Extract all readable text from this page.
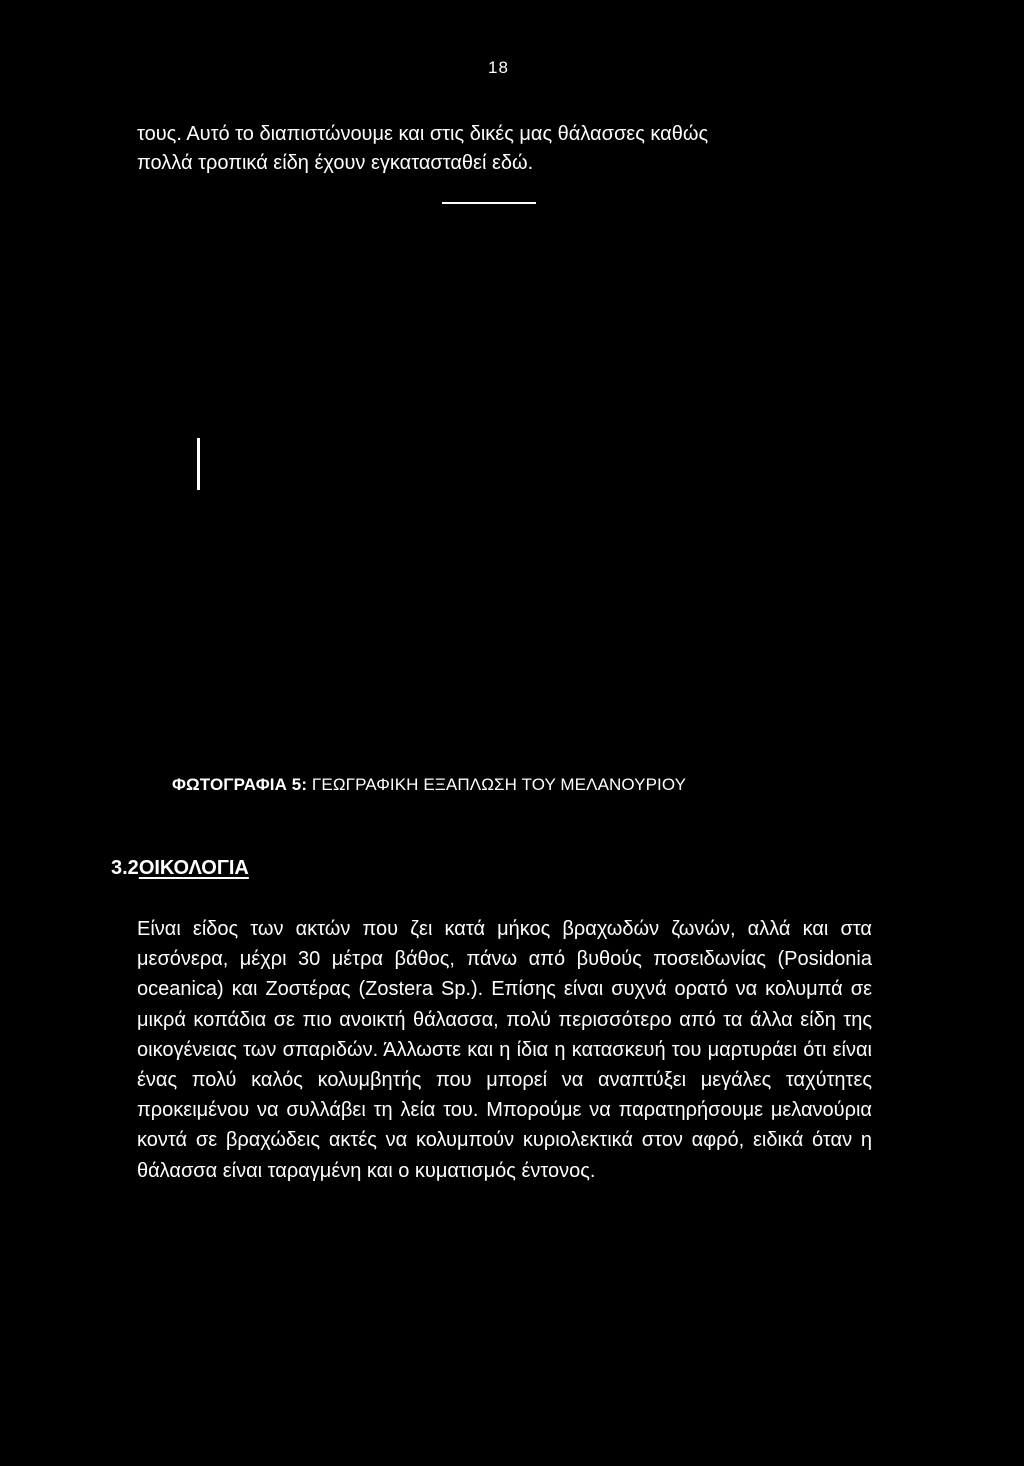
18

τους. Αυτό το διαπιστώνουμε και στις δικές μας θάλασσες καθώς

πολλά τροπικά είδη έχουν εγκατασταθεί εδώ.

ΦΩΤΟΓΡΑΦΙΑ 5: ΓΕΩΓΡΑΦΙΚΗ ΕΞΑΠΛΩΣΗ ΤΟΥ ΜΕΛΑΝΟΥΡΙΟΥ
3.2ΟΙΚΟΛΟΓΙΑ

Είναι είδος των ακτών που ζει κατά μήκος βραχωδών ζωνών, αλλά και στα μεσόνερα, μέχρι 30 μέτρα βάθος, πάνω από βυθούς ποσειδωνίας (Posidonia oceanica) και Ζοστέρας (Zostera Sp.). Επίσης είναι συχνά ορατό να κολυμπά σε μικρά κοπάδια σε πιο ανοικτή θάλασσα, πολύ περισσότερο από τα άλλα είδη της οικογένειας των σπαριδών. Άλλωστε και η ίδια η κατασκευή του μαρτυράει ότι είναι ένας πολύ καλός κολυμβητής που μπορεί να αναπτύξει μεγάλες ταχύτητες προκειμένου να συλλάβει τη λεία του. Μπορούμε να παρατηρήσουμε μελανούρια κοντά σε βραχώδεις ακτές να κολυμπούν κυριολεκτικά στον αφρό, ειδικά όταν η θάλασσα είναι ταραγμένη και ο κυματισμός έντονος.
